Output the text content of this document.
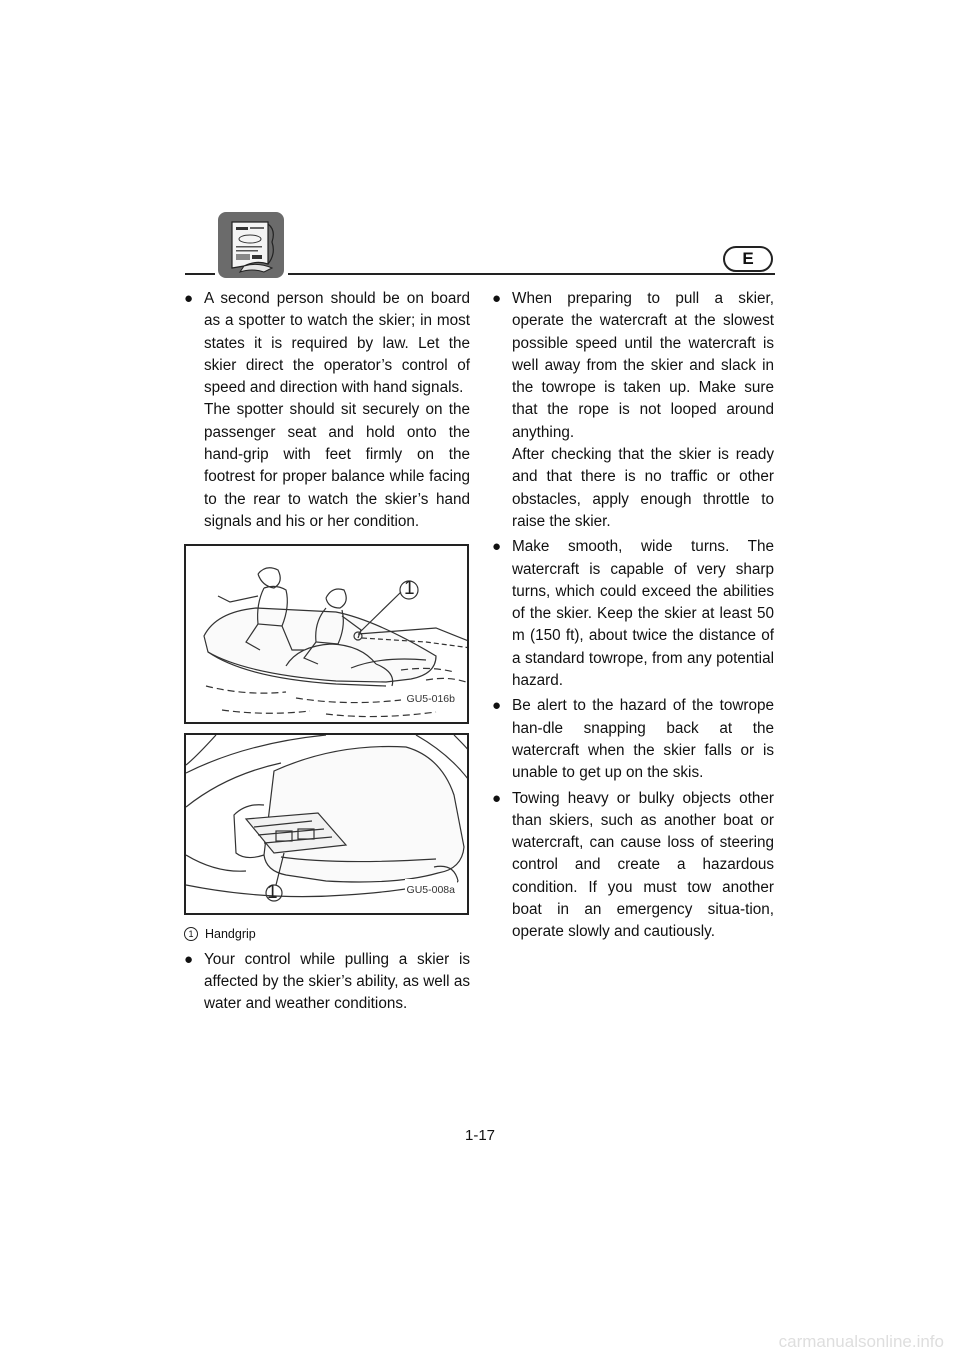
E
● A second person should be on board as a spotter to watch the skier; in most states it is required by law. Let the skier direct the operator’s control of speed and direction with hand signals.

The spotter should sit securely on the passenger seat and hold onto the hand-grip with feet firmly on the footrest for proper balance while facing to the rear to watch the skier’s hand signals and his or her condition.

1
GU5-016b
1	GU5-008a
1 Handgrip
● Your control while pulling a skier is affected by the skier’s ability, as well as water and weather conditions.

● When preparing to pull a skier, operate the watercraft at the slowest possible speed until the watercraft is well away from the skier and slack in the towrope is taken up. Make sure that the rope is not looped around anything.

After checking that the skier is ready and that there is no traffic or other obstacles, apply enough throttle to raise the skier.

● Make smooth, wide turns. The watercraft is capable of very sharp turns, which could exceed the abilities of the skier. Keep the skier at least 50 m (150 ft), about twice the distance of a standard towrope, from any potential hazard.

● Be alert to the hazard of the towrope han-dle snapping back at the watercraft when the skier falls or is unable to get up on the skis.

● Towing heavy or bulky objects other than skiers, such as another boat or watercraft, can cause loss of steering control and create a hazardous condition. If you must tow another boat in an emergency situa-tion, operate slowly and cautiously.

1-17
carmanualsonline.info
